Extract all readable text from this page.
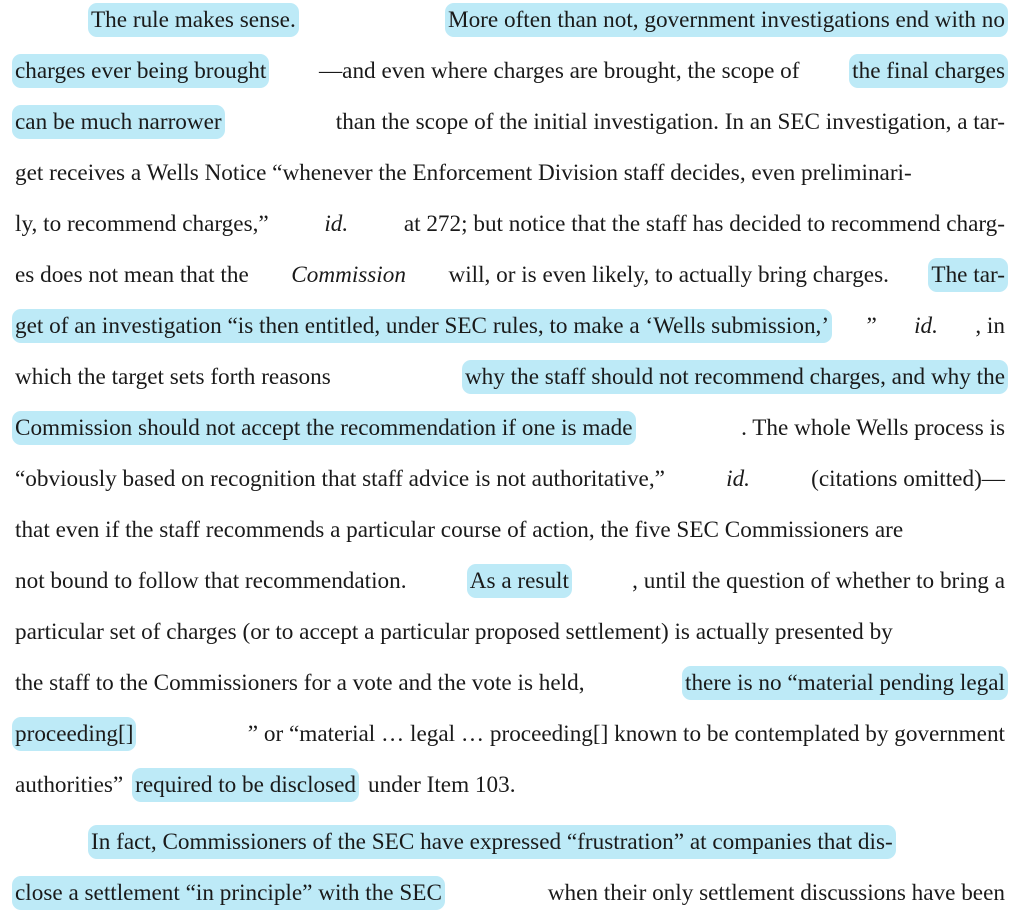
The rule makes sense.	More often than not, government investigations end with no
charges ever being brought —and even where charges are brought, the scope of the final charges
can be much narrower	than the scope of the initial investigation. In an SEC investigation, a tar-
get receives a Wells Notice “whenever the Enforcement Division staff decides, even preliminari-
ly, to recommend charges,” id. at 272; but notice that the staff has decided to recommend charg-
es does not mean that the Commission will, or is even likely, to actually bring charges. The tar-
get of an investigation “is then entitled, under SEC rules, to make a ‘Wells submission,’ ” id. , in
which the target sets forth reasons	why the staff should not recommend charges, and why the
Commission should not accept the recommendation if one is made	. The whole Wells process is
“obviously based on recognition that staff advice is not authoritative,”	id.	(citations omitted)—
that even if the staff recommends a particular course of action, the five SEC Commissioners are
not bound to follow that recommendation.	As a result	, until the question of whether to bring a
particular set of charges (or to accept a particular proposed settlement) is actually presented by
the staff to the Commissioners for a vote and the vote is held,	there is no “material pending legal
proceeding[]	” or “material … legal … proceeding[] known to be contemplated by government
authorities” required to be disclosed under Item 103.
In fact, Commissioners of the SEC have expressed “frustration” at companies that dis-
close a settlement “in principle” with the SEC	when their only settlement discussions have been
